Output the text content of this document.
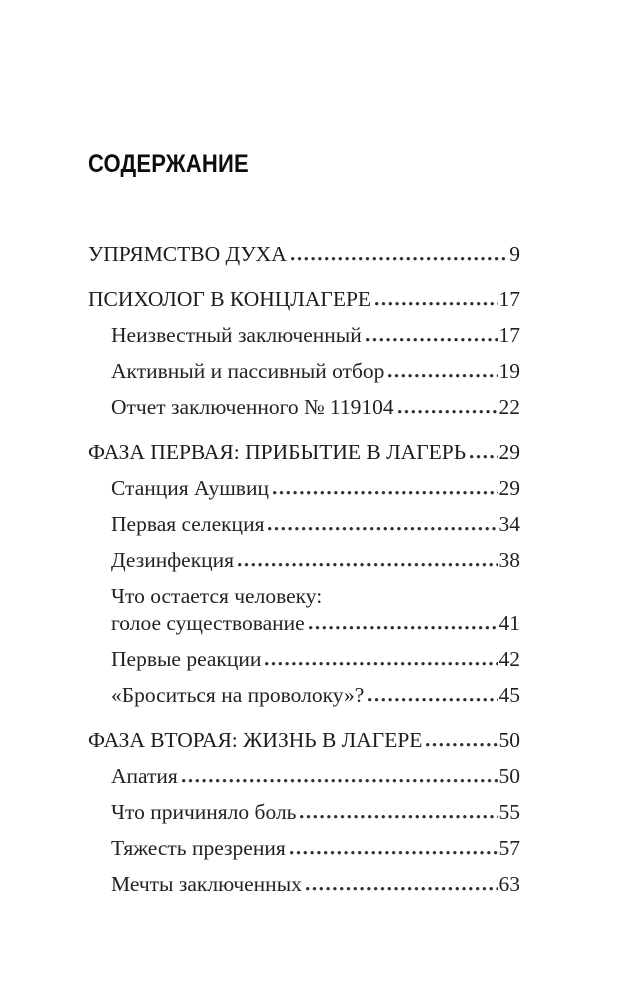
СОДЕРЖАНИЕ
УПРЯМСТВО ДУХА	9
ПСИХОЛОГ В КОНЦЛАГЕРЕ	17
Неизвестный заключенный	17
Активный и пассивный отбор	19
Отчет заключенного № 119104	22
ФАЗА ПЕРВАЯ: ПРИБЫТИЕ В ЛАГЕРЬ 29
Станция Аушвиц	29
Первая селекция	34
Дезинфекция	38
Что остается человеку:
голое существование	41
Первые реакции	42
«Броситься на проволоку»?	45
ФАЗА ВТОРАЯ: ЖИЗНЬ В ЛАГЕРЕ	50
Апатия	50
Что причиняло боль	55
Тяжесть презрения	57
Мечты заключенных	63
